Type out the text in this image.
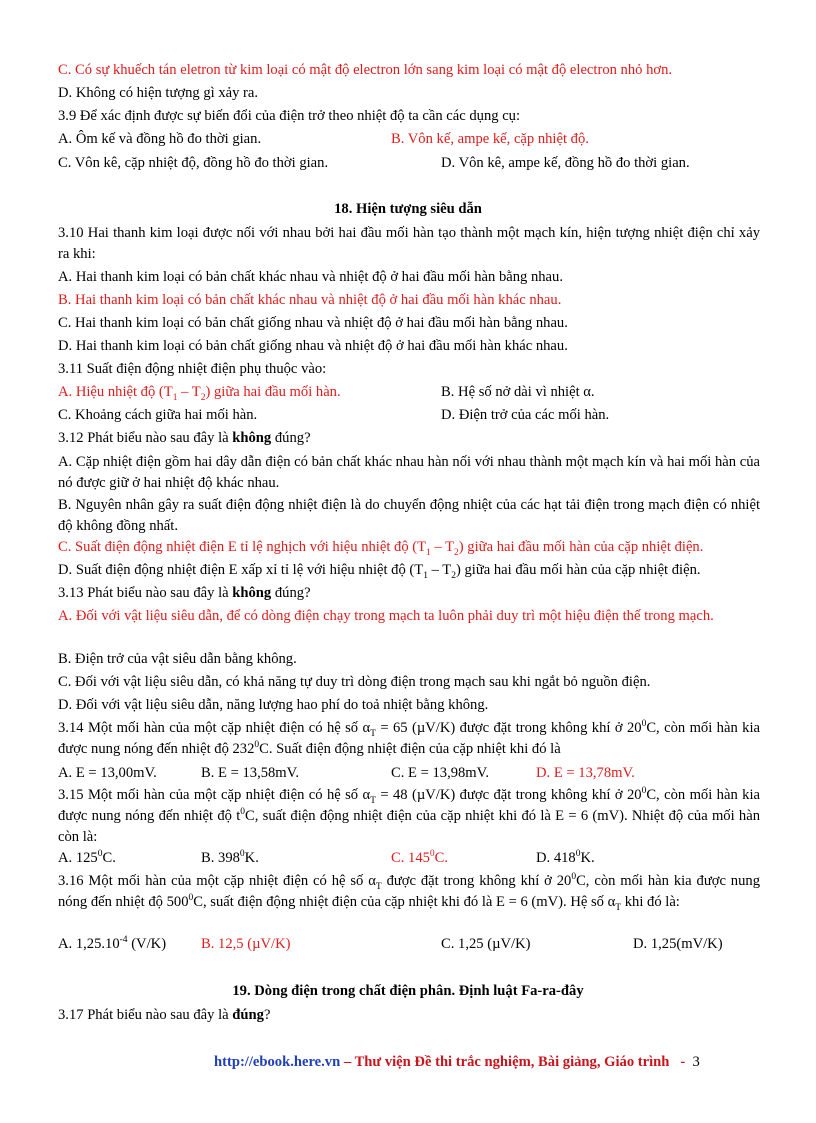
C. Có sự khuếch tán eletron từ kim loại có mật độ electron lớn sang kim loại có mật độ electron nhỏ hơn.
D. Không có hiện tượng gì xảy ra.
3.9 Để xác định được sự biến đổi của điện trở theo nhiệt độ ta cần các dụng cụ:
A. Ôm kế và đồng hồ đo thời gian.	B. Vôn kế, ampe kế, cặp nhiệt độ.
C. Vôn kê, cặp nhiệt độ, đồng hồ đo thời gian.	D. Vôn kê, ampe kế, đồng hồ đo thời gian.
18. Hiện tượng siêu dẫn
3.10 Hai thanh kim loại được nối với nhau bởi hai đầu mối hàn tạo thành một mạch kín, hiện tượng nhiệt điện chỉ xảy ra khi:
A. Hai thanh kim loại có bản chất khác nhau và nhiệt độ ở hai đầu mối hàn bằng nhau.
B. Hai thanh kim loại có bản chất khác nhau và nhiệt độ ở hai đầu mối hàn khác nhau.
C. Hai thanh kim loại có bản chất giống nhau và nhiệt độ ở hai đầu mối hàn bằng nhau.
D. Hai thanh kim loại có bản chất giống nhau và nhiệt độ ở hai đầu mối hàn khác nhau.
3.11 Suất điện động nhiệt điện phụ thuộc vào:
A. Hiệu nhiệt độ $(T_1 - T_2)$ giữa hai đầu mối hàn.	B. Hệ số nở dài vì nhiệt α.
C. Khoảng cách giữa hai mối hàn.	D. Điện trở của các mối hàn.
3.12 Phát biểu nào sau đây là không đúng?
A. Cặp nhiệt điện gồm hai dây dẫn điện có bản chất khác nhau hàn nối với nhau thành một mạch kín và hai mối hàn của nó được giữ ở hai nhiệt độ khác nhau.
B. Nguyên nhân gây ra suất điện động nhiệt điện là do chuyển động nhiệt của các hạt tải điện trong mạch điện có nhiệt độ không đồng nhất.
C. Suất điện động nhiệt điện E tỉ lệ nghịch với hiệu nhiệt độ $(T_1 - T_2)$ giữa hai đầu mối hàn của cặp nhiệt điện.
D. Suất điện động nhiệt điện E xấp xỉ tỉ lệ với hiệu nhiệt độ $(T_1 - T_2)$ giữa hai đầu mối hàn của cặp nhiệt điện.
3.13 Phát biểu nào sau đây là không đúng?
A. Đối với vật liệu siêu dẫn, để có dòng điện chạy trong mạch ta luôn phải duy trì một hiệu điện thế trong mạch.
B. Điện trở của vật siêu dẫn bằng không.
C. Đối với vật liệu siêu dẫn, có khả năng tự duy trì dòng điện trong mạch sau khi ngắt bỏ nguồn điện.
D. Đối với vật liệu siêu dẫn, năng lượng hao phí do toả nhiệt bằng không.
3.14 Một mối hàn của một cặp nhiệt điện có hệ số $\alpha_T = 65$ (µV/K) được đặt trong không khí ở $20^0C$, còn mối hàn kia được nung nóng đến nhiệt độ $232^0C$. Suất điện động nhiệt điện của cặp nhiệt khi đó là
A. E = 13,00mV.	B. E = 13,58mV.	C. E = 13,98mV.	D. E = 13,78mV.
3.15 Một mối hàn của một cặp nhiệt điện có hệ số $\alpha_T = 48$ (µV/K) được đặt trong không khí ở $20^0C$, còn mối hàn kia được nung nóng đến nhiệt độ $t^0C$, suất điện động nhiệt điện của cặp nhiệt khi đó là E = 6 (mV). Nhiệt độ của mối hàn còn là:
A. $125^0C$.	B. $398^0K$.	C. $145^0C$.	D. $418^0K$.
3.16 Một mối hàn của một cặp nhiệt điện có hệ số $\alpha_T$ được đặt trong không khí ở $20^0C$, còn mối hàn kia được nung nóng đến nhiệt độ $500^0C$, suất điện động nhiệt điện của cặp nhiệt khi đó là E = 6 (mV). Hệ số $\alpha_T$ khi đó là:
A. $1,25.10^{-4}$ (V/K) B. 12,5 (µV/K)	C. 1,25 (µV/K)	D. 1,25(mV/K)
19. Dòng điện trong chất điện phân. Định luật Fa-ra-đây
3.17 Phát biểu nào sau đây là đúng?
http://ebook.here.vn – Thư viện Đề thi trắc nghiệm, Bài giảng, Giáo trình   -  3
